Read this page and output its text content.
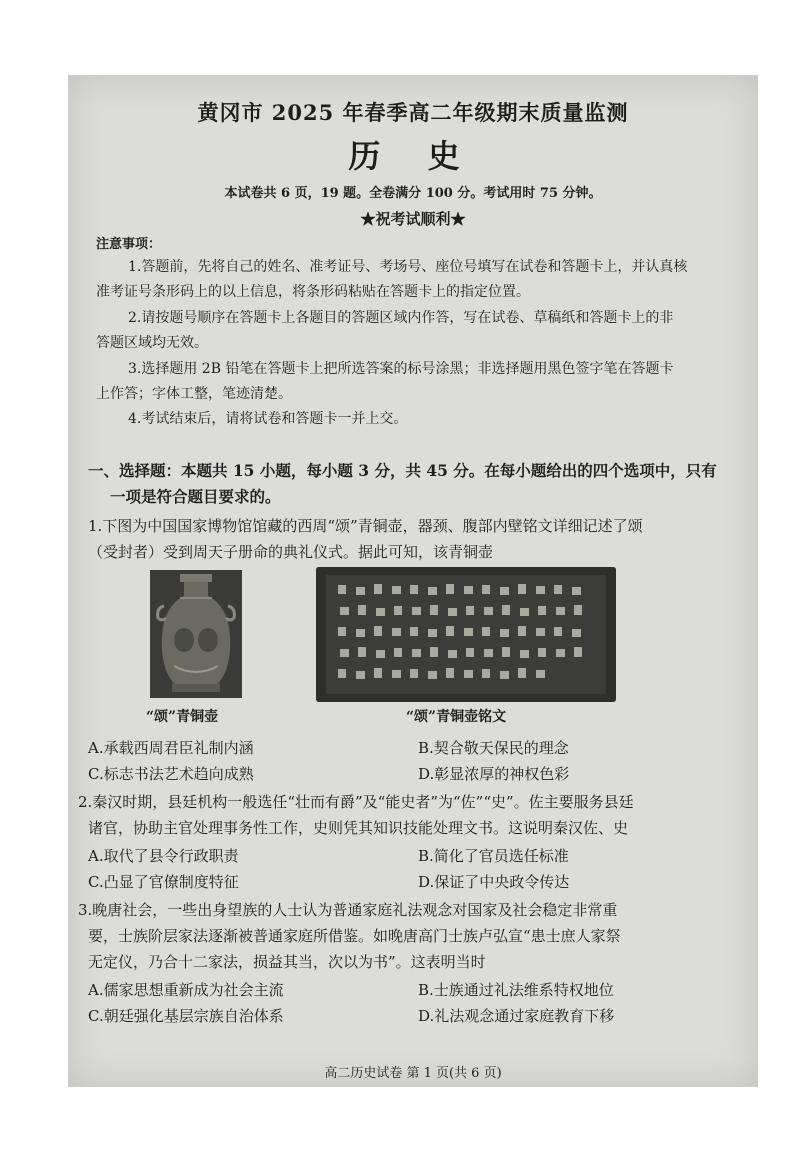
黄冈市 2025 年春季高二年级期末质量监测
历 史
本试卷共 6 页，19 题。全卷满分 100 分。考试用时 75 分钟。
★祝考试顺利★
注意事项：
1.答题前，先将自己的姓名、准考证号、考场号、座位号填写在试卷和答题卡上，并认真核
准考证号条形码上的以上信息，将条形码粘贴在答题卡上的指定位置。
2.请按题号顺序在答题卡上各题目的答题区域内作答，写在试卷、草稿纸和答题卡上的非
答题区域均无效。
3.选择题用 2B 铅笔在答题卡上把所选答案的标号涂黑；非选择题用黑色签字笔在答题卡
上作答；字体工整，笔迹清楚。
4.考试结束后，请将试卷和答题卡一并上交。
一、选择题：本题共 15 小题，每小题 3 分，共 45 分。在每小题给出的四个选项中，只有
一项是符合题目要求的。
1.下图为中国国家博物馆馆藏的西周“颂”青铜壶，器颈、腹部内壁铭文详细记述了颂
（受封者）受到周天子册命的典礼仪式。据此可知，该青铜壶
“颂”青铜壶	“颂”青铜壶铭文
A.承载西周君臣礼制内涵	B.契合敬天保民的理念
C.标志书法艺术趋向成熟	D.彰显浓厚的神权色彩
2.秦汉时期，县廷机构一般选任“壮而有爵”及“能史者”为“佐”“史”。佐主要服务县廷
诸官，协助主官处理事务性工作，史则凭其知识技能处理文书。这说明秦汉佐、史
A.取代了县令行政职责	B.简化了官员选任标准
C.凸显了官僚制度特征	D.保证了中央政令传达
3.晚唐社会，一些出身望族的人士认为普通家庭礼法观念对国家及社会稳定非常重
要，士族阶层家法逐渐被普通家庭所借鉴。如晚唐高门士族卢弘宣“患士庶人家祭
无定仪，乃合十二家法，损益其当，次以为书”。这表明当时
A.儒家思想重新成为社会主流	B.士族通过礼法维系特权地位
C.朝廷强化基层宗族自治体系	D.礼法观念通过家庭教育下移
高二历史试卷 第 1 页(共 6 页)
